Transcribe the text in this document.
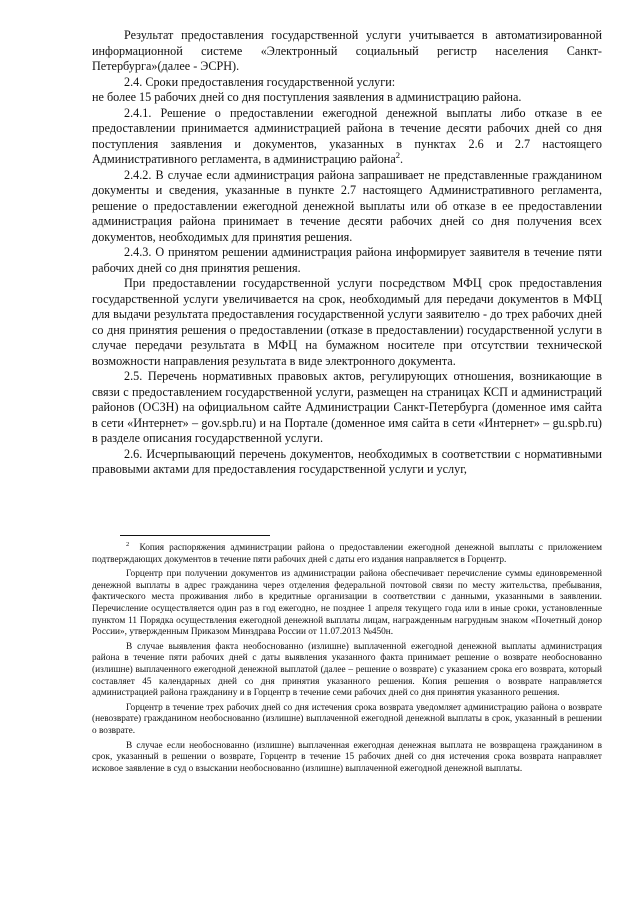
Результат предоставления государственной услуги учитывается в автоматизированной информационной системе «Электронный социальный регистр населения Санкт-Петербурга»(далее - ЭСРН).

2.4. Сроки предоставления государственной услуги:

не более 15 рабочих дней со дня поступления заявления в администрацию района.

2.4.1. Решение о предоставлении ежегодной денежной выплаты либо отказе в ее предоставлении принимается администрацией района в течение десяти рабочих дней со дня поступления заявления и документов, указанных в пунктах 2.6 и 2.7 настоящего Административного регламента, в администрацию района$^2$.

2.4.2. В случае если администрация района запрашивает не представленные гражданином документы и сведения, указанные в пункте 2.7 настоящего Административного регламента, решение о предоставлении ежегодной денежной выплаты или об отказе в ее предоставлении администрация района принимает в течение десяти рабочих дней со дня получения всех документов, необходимых для принятия решения.

2.4.3. О принятом решении администрация района информирует заявителя в течение пяти рабочих дней со дня принятия решения.

При предоставлении государственной услуги посредством МФЦ срок предоставления государственной услуги увеличивается на срок, необходимый для передачи документов в МФЦ для выдачи результата предоставления государственной услуги заявителю - до трех рабочих дней со дня принятия решения о предоставлении (отказе в предоставлении) государственной услуги в случае передачи результата в МФЦ на бумажном носителе при отсутствии технической возможности направления результата в виде электронного документа.

2.5. Перечень нормативных правовых актов, регулирующих отношения, возникающие в связи с предоставлением государственной услуги, размещен на страницах КСП и администраций районов (ОСЗН) на официальном сайте Администрации Санкт-Петербурга (доменное имя сайта в сети «Интернет» – gov.spb.ru) и на Портале (доменное имя сайта в сети «Интернет» – gu.spb.ru) в разделе описания государственной услуги.

2.6. Исчерпывающий перечень документов, необходимых в соответствии с нормативными правовыми актами для предоставления государственной услуги и услуг,

$^2$ Копия распоряжения администрации района о предоставлении ежегодной денежной выплаты с приложением подтверждающих документов в течение пяти рабочих дней с даты его издания направляется в Горцентр.

Горцентр при получении документов из администрации района обеспечивает перечисление суммы единовременной денежной выплаты в адрес гражданина через отделения федеральной почтовой связи по месту жительства, пребывания, фактического места проживания либо в кредитные организации в соответствии с данными, указанными в заявлении. Перечисление осуществляется один раз в год ежегодно, не позднее 1 апреля текущего года или в иные сроки, установленные пунктом 11 Порядка осуществления ежегодной денежной выплаты лицам, награжденным нагрудным знаком «Почетный донор России», утвержденным Приказом Минздрава России от 11.07.2013 №450н.

В случае выявления факта необоснованно (излишне) выплаченной ежегодной денежной выплаты администрация района в течение пяти рабочих дней с даты выявления указанного факта принимает решение о возврате необоснованно (излишне) выплаченного ежегодной денежной выплатой (далее – решение о возврате) с указанием срока его возврата, который составляет 45 календарных дней со дня принятия указанного решения. Копия решения о возврате направляется администрацией района гражданину и в Горцентр в течение семи рабочих дней со дня принятия указанного решения.

Горцентр в течение трех рабочих дней со дня истечения срока возврата уведомляет администрацию района о возврате (невозврате) гражданином необоснованно (излишне) выплаченной ежегодной денежной выплаты в срок, указанный в решении о возврате.

В случае если необоснованно (излишне) выплаченная ежегодная денежная выплата не возвращена гражданином в срок, указанный в решении о возврате, Горцентр в течение 15 рабочих дней со дня истечения срока возврата направляет исковое заявление в суд о взыскании необоснованно (излишне) выплаченной ежегодной денежной выплаты.
